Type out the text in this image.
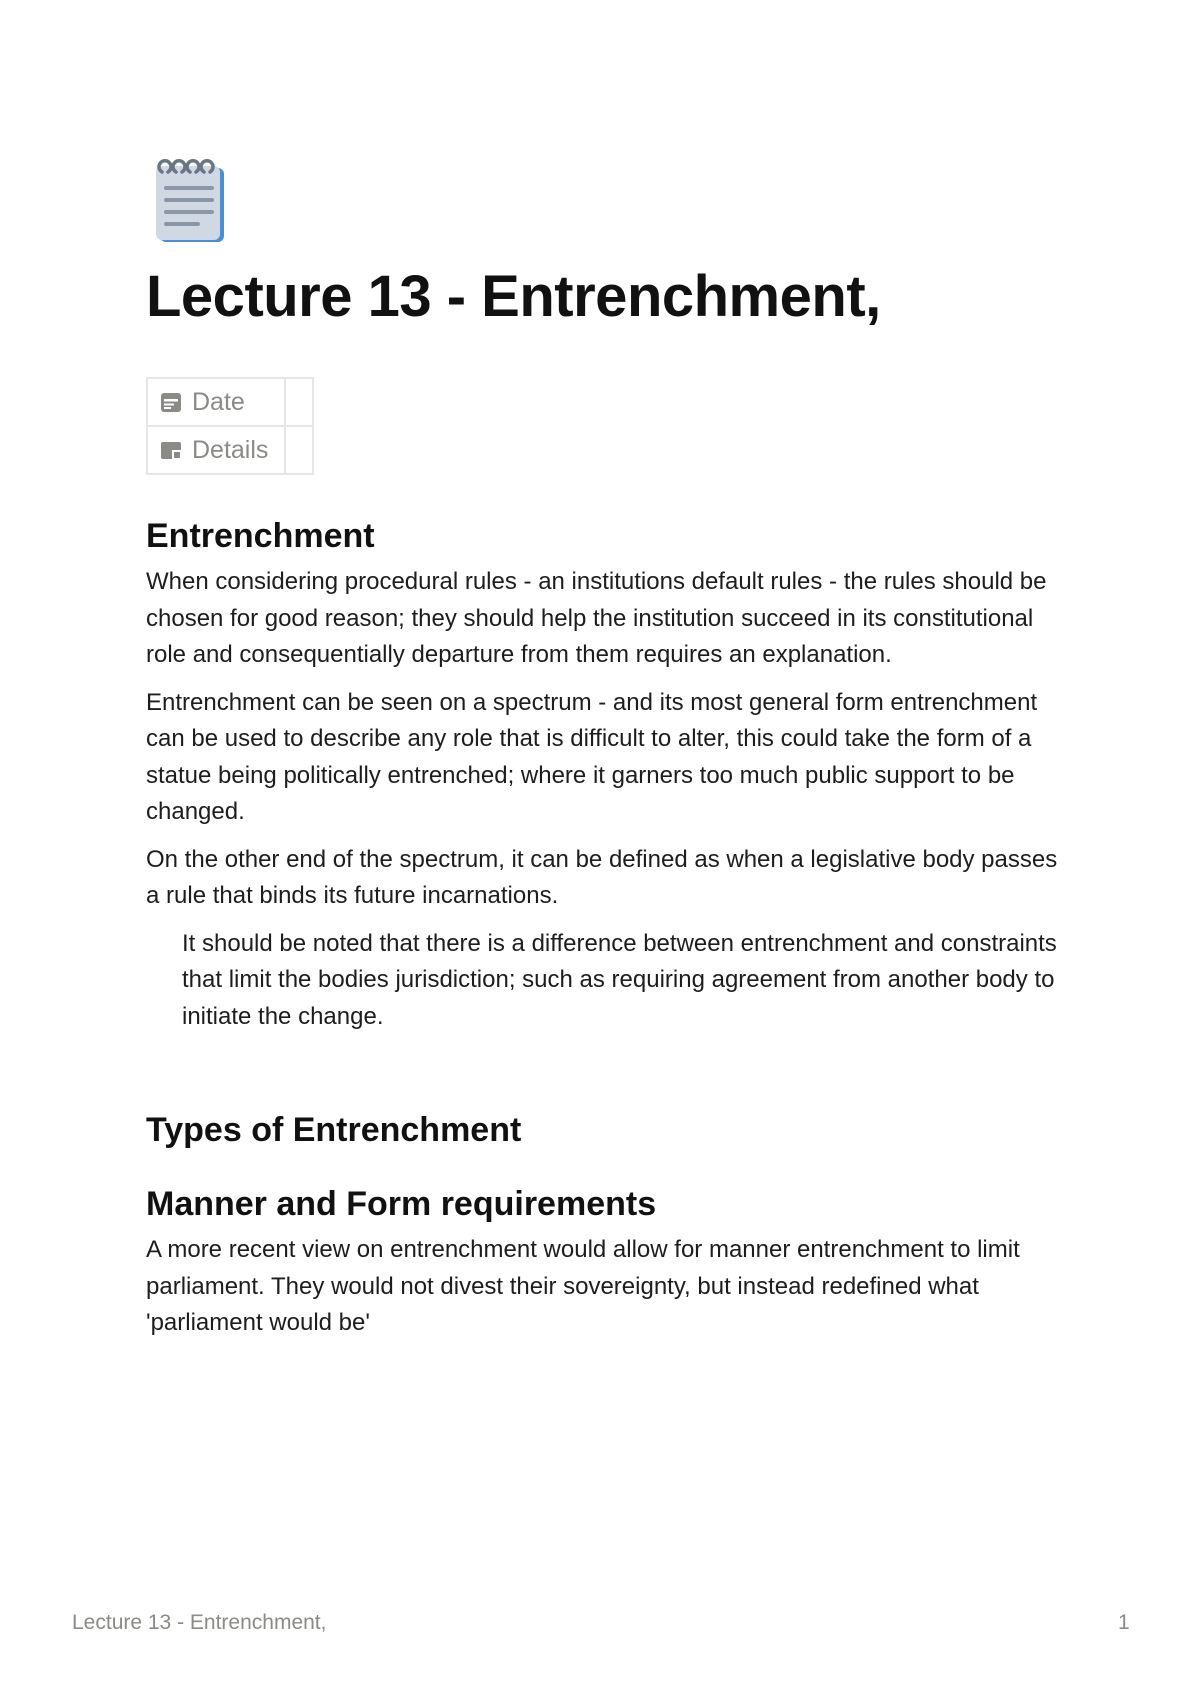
Lecture 13 - Entrenchment,
Date	

Details	

Entrenchment

When considering procedural rules - an institutions default rules - the rules should be chosen for good reason; they should help the institution succeed in its constitutional role and consequentially departure from them requires an explanation.

Entrenchment can be seen on a spectrum - and its most general form entrenchment can be used to describe any role that is difficult to alter, this could take the form of a statue being politically entrenched; where it garners too much public support to be changed.

On the other end of the spectrum, it can be defined as when a legislative body passes a rule that binds its future incarnations.

It should be noted that there is a difference between entrenchment and constraints that limit the bodies jurisdiction; such as requiring agreement from another body to initiate the change.

Types of Entrenchment
Manner and Form requirements

A more recent view on entrenchment would allow for manner entrenchment to limit parliament. They would not divest their sovereignty, but instead redefined what 'parliament would be'

Lecture 13 - Entrenchment,	1
